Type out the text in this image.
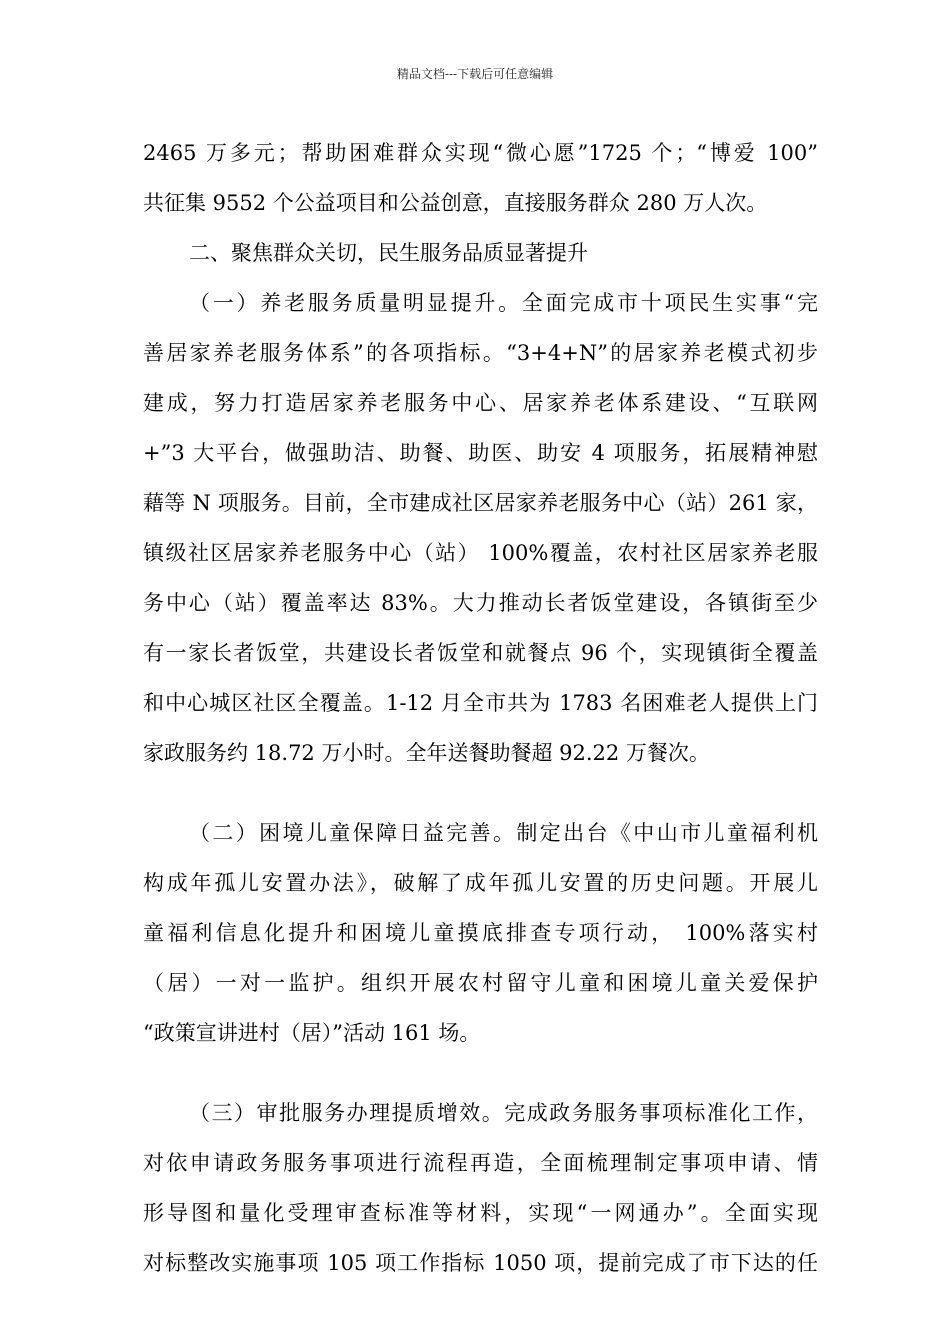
精品文档---下载后可任意编辑
2465 万多元；帮助困难群众实现“微心愿”1725 个；“博爱 100”
共征集 9552 个公益项目和公益创意，直接服务群众 280 万人次。
二、聚焦群众关切，民生服务品质显著提升
（一）养老服务质量明显提升。全面完成市十项民生实事“完
善居家养老服务体系”的各项指标。“3+4+N”的居家养老模式初步
建成，努力打造居家养老服务中心、居家养老体系建设、“互联网
+”3 大平台，做强助洁、助餐、助医、助安 4 项服务，拓展精神慰
藉等 N 项服务。目前，全市建成社区居家养老服务中心（站）261 家，
镇级社区居家养老服务中心（站） 100%覆盖，农村社区居家养老服
务中心（站）覆盖率达 83%。大力推动长者饭堂建设，各镇街至少
有一家长者饭堂，共建设长者饭堂和就餐点 96 个，实现镇街全覆盖
和中心城区社区全覆盖。1-12 月全市共为 1783 名困难老人提供上门
家政服务约 18.72 万小时。全年送餐助餐超 92.22 万餐次。
（二）困境儿童保障日益完善。制定出台《中山市儿童福利机
构成年孤儿安置办法》，破解了成年孤儿安置的历史问题。开展儿
童福利信息化提升和困境儿童摸底排查专项行动， 100%落实村
（居）一对一监护。组织开展农村留守儿童和困境儿童关爱保护
“政策宣讲进村（居）”活动 161 场。
（三）审批服务办理提质增效。完成政务服务事项标准化工作，
对依申请政务服务事项进行流程再造，全面梳理制定事项申请、情
形导图和量化受理审查标准等材料，实现“一网通办”。全面实现
对标整改实施事项 105 项工作指标 1050 项，提前完成了市下达的任
